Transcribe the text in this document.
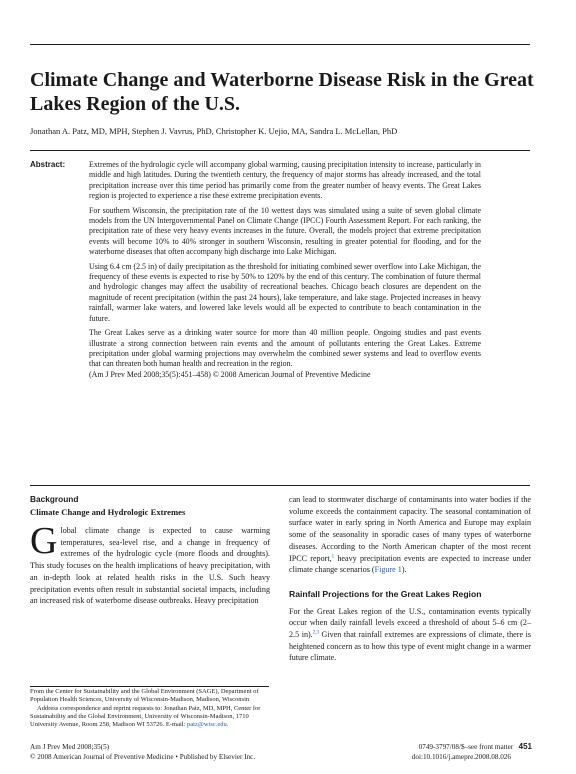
Climate Change and Waterborne Disease Risk in the Great Lakes Region of the U.S.
Jonathan A. Patz, MD, MPH, Stephen J. Vavrus, PhD, Christopher K. Uejio, MA, Sandra L. McLellan, PhD
Abstract:	Extremes of the hydrologic cycle will accompany global warming, causing precipitation intensity to increase, particularly in middle and high latitudes. During the twentieth century, the frequency of major storms has already increased, and the total precipitation increase over this time period has primarily come from the greater number of heavy events. The Great Lakes region is projected to experience a rise these extreme precipitation events.

For southern Wisconsin, the precipitation rate of the 10 wettest days was simulated using a suite of seven global climate models from the UN Intergovernmental Panel on Climate Change (IPCC) Fourth Assessment Report. For each ranking, the precipitation rate of these very heavy events increases in the future. Overall, the models project that extreme precipitation events will become 10% to 40% stronger in southern Wisconsin, resulting in greater potential for flooding, and for the waterborne diseases that often accompany high discharge into Lake Michigan.

Using 6.4 cm (2.5 in) of daily precipitation as the threshold for initiating combined sewer overflow into Lake Michigan, the frequency of these events is expected to rise by 50% to 120% by the end of this century. The combination of future thermal and hydrologic changes may affect the usability of recreational beaches. Chicago beach closures are dependent on the magnitude of recent precipitation (within the past 24 hours), lake temperature, and lake stage. Projected increases in heavy rainfall, warmer lake waters, and lowered lake levels would all be expected to contribute to beach contamination in the future.

The Great Lakes serve as a drinking water source for more than 40 million people. Ongoing studies and past events illustrate a strong connection between rain events and the amount of pollutants entering the Great Lakes. Extreme precipitation under global warming projections may overwhelm the combined sewer systems and lead to overflow events that can threaten both human health and recreation in the region.

(Am J Prev Med 2008;35(5):451–458) © 2008 American Journal of Preventive Medicine

Background
Climate Change and Hydrologic Extremes

Global climate change is expected to cause warming temperatures, sea-level rise, and a change in frequency of extremes of the hydrologic cycle (more floods and droughts). This study focuses on the health implications of heavy precipitation, with an in-depth look at related health risks in the U.S. Such heavy precipitation events often result in substantial societal impacts, including an increased risk of waterborne disease outbreaks. Heavy precipitation

can lead to stormwater discharge of contaminants into water bodies if the volume exceeds the containment capacity. The seasonal contamination of surface water in early spring in North America and Europe may explain some of the seasonality in sporadic cases of many types of waterborne diseases. According to the North American chapter of the most recent IPCC report,$^1$ heavy precipitation events are expected to increase under climate change scenarios (Figure 1).

Rainfall Projections for the Great Lakes Region

For the Great Lakes region of the U.S., contamination events typically occur when daily rainfall levels exceed a threshold of about 5–6 cm (2–2.5 in).$^{2,3}$ Given that rainfall extremes are expressions of climate, there is heightened concern as to how this type of event might change in a warmer future climate.

From the Center for Sustainability and the Global Environment (SAGE), Department of Population Health Sciences, University of Wisconsin-Madison, Madison, Wisconsin

Address correspondence and reprint requests to: Jonathan Patz, MD, MPH, Center for Sustainability and the Global Environment, University of Wisconsin-Madison, 1710 University Avenue, Room 258, Madison WI 53726. E-mail: patz@wisc.edu.

Am J Prev Med 2008;35(5)
© 2008 American Journal of Preventive Medicine • Published by Elsevier Inc.
0749-3797/08/$–see front matter 451
doi:10.1016/j.amepre.2008.08.026
